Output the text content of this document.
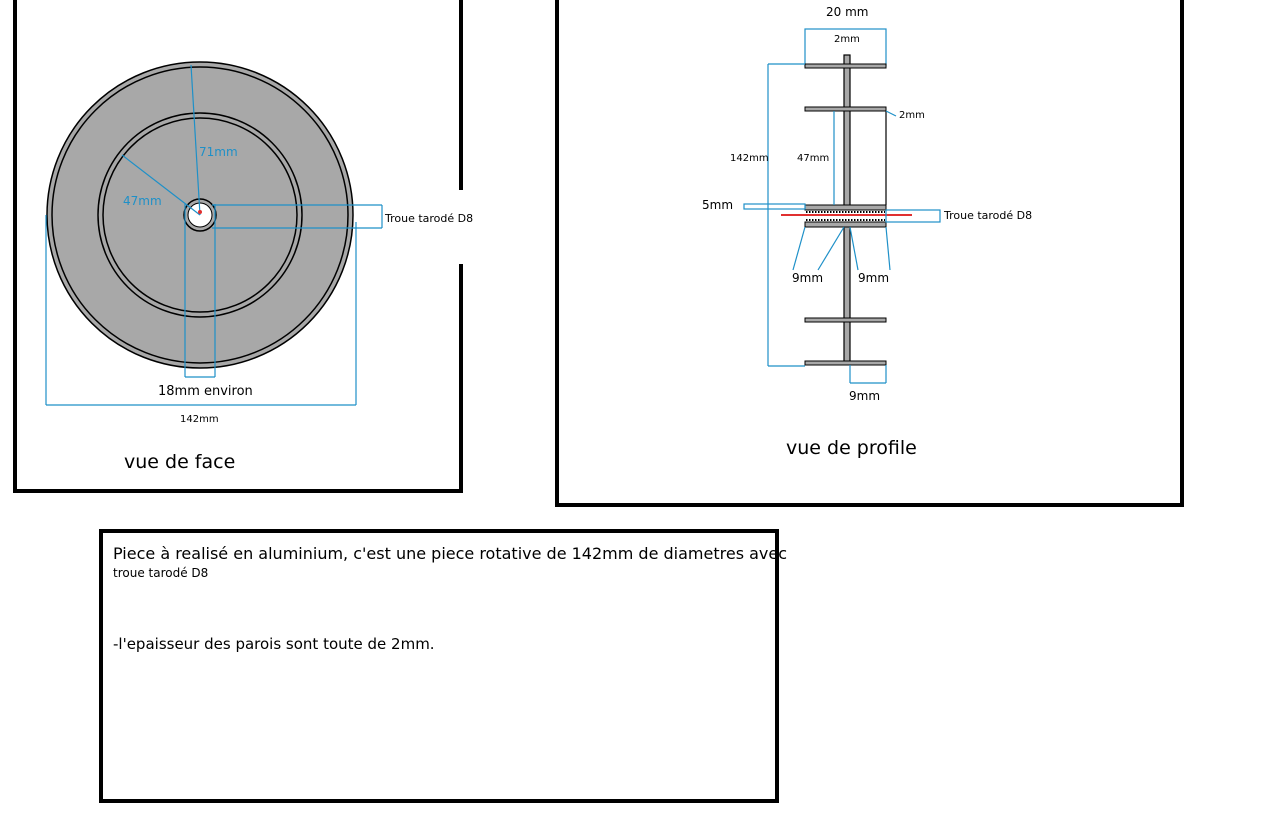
71mm
47mm
Troue tarodé D8
18mm environ
142mm
vue de face
20 mm
2mm
142mm	47mm
2mm
5mm
Troue tarodé D8
9mm	9mm
9mm
vue de profile
Piece à realisé en aluminium, c'est une piece rotative de 142mm de diametres avec
troue tarodé D8
-l'epaisseur des parois sont toute de 2mm.
